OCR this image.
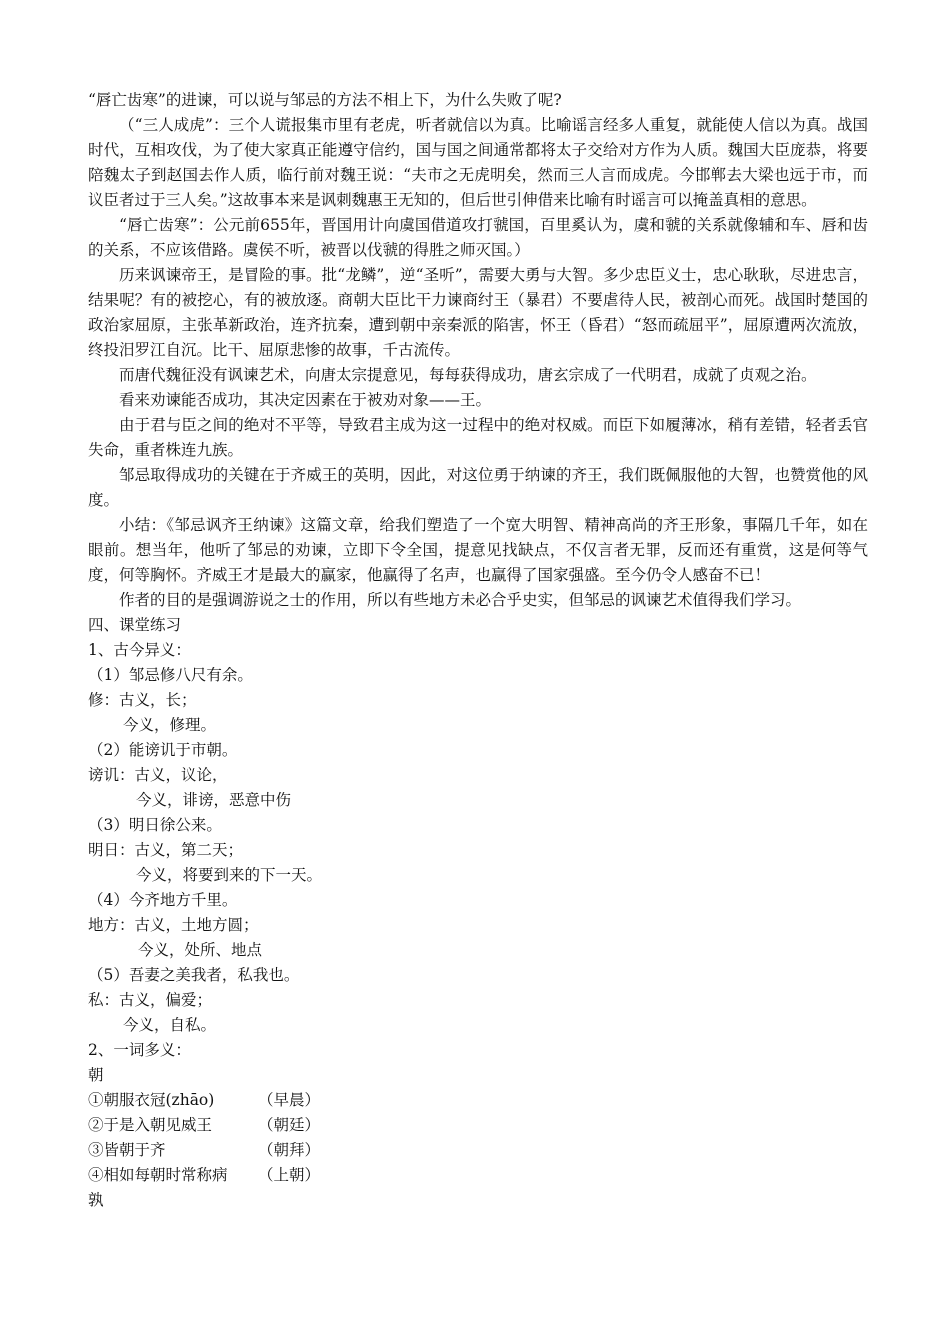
“唇亡齿寒”的进谏，可以说与邹忌的方法不相上下，为什么失败了呢?

（“三人成虎”：三个人谎报集市里有老虎，听者就信以为真。比喻谣言经多人重复，就能使人信以为真。战国时代，互相攻伐，为了使大家真正能遵守信约，国与国之间通常都将太子交给对方作为人质。魏国大臣庞恭，将要陪魏太子到赵国去作人质，临行前对魏王说：“夫市之无虎明矣，然而三人言而成虎。今邯郸去大梁也远于市，而议臣者过于三人矣。”这故事本来是讽刺魏惠王无知的，但后世引伸借来比喻有时谣言可以掩盖真相的意思。

“唇亡齿寒”：公元前655年，晋国用计向虞国借道攻打虢国，百里奚认为，虞和虢的关系就像辅和车、唇和齿的关系，不应该借路。虞侯不听，被晋以伐虢的得胜之师灭国。）

历来讽谏帝王，是冒险的事。批“龙鳞”，逆“圣听”，需要大勇与大智。多少忠臣义士，忠心耿耿，尽进忠言，结果呢？有的被挖心，有的被放逐。商朝大臣比干力谏商纣王（暴君）不要虐待人民，被剖心而死。战国时楚国的政治家屈原，主张革新政治，连齐抗秦，遭到朝中亲秦派的陷害，怀王（昏君）“怒而疏屈平”，屈原遭两次流放，终投汨罗江自沉。比干、屈原悲惨的故事，千古流传。

而唐代魏征没有讽谏艺术，向唐太宗提意见，每每获得成功，唐玄宗成了一代明君，成就了贞观之治。

看来劝谏能否成功，其决定因素在于被劝对象——王。

由于君与臣之间的绝对不平等，导致君主成为这一过程中的绝对权威。而臣下如履薄冰，稍有差错，轻者丢官失命，重者株连九族。

邹忌取得成功的关键在于齐威王的英明，因此，对这位勇于纳谏的齐王，我们既佩服他的大智，也赞赏他的风度。

小结：《邹忌讽齐王纳谏》这篇文章，给我们塑造了一个宽大明智、精神高尚的齐王形象，事隔几千年，如在眼前。想当年，他听了邹忌的劝谏，立即下令全国，提意见找缺点，不仅言者无罪，反而还有重赏，这是何等气度，何等胸怀。齐威王才是最大的赢家，他赢得了名声，也赢得了国家强盛。至今仍令人感奋不已！

作者的目的是强调游说之士的作用，所以有些地方未必合乎史实，但邹忌的讽谏艺术值得我们学习。

四、课堂练习
1、古今异义：
（1）邹忌修八尺有余。
修：古义，长；
今义，修理。
（2）能谤讥于市朝。
谤讥：古义，议论，
今义，诽谤，恶意中伤
（3）明日徐公来。
明日：古义，第二天；
今义，将要到来的下一天。
（4）今齐地方千里。
地方：古义，土地方圆；
今义，处所、地点
（5）吾妻之美我者，私我也。
私：古义，偏爱；
今义，自私。
2、一词多义：
朝
①朝服衣冠(zhāo)	（早晨）
②于是入朝见威王	（朝廷）
③皆朝于齐	（朝拜）
④相如每朝时常称病 （上朝）
孰
